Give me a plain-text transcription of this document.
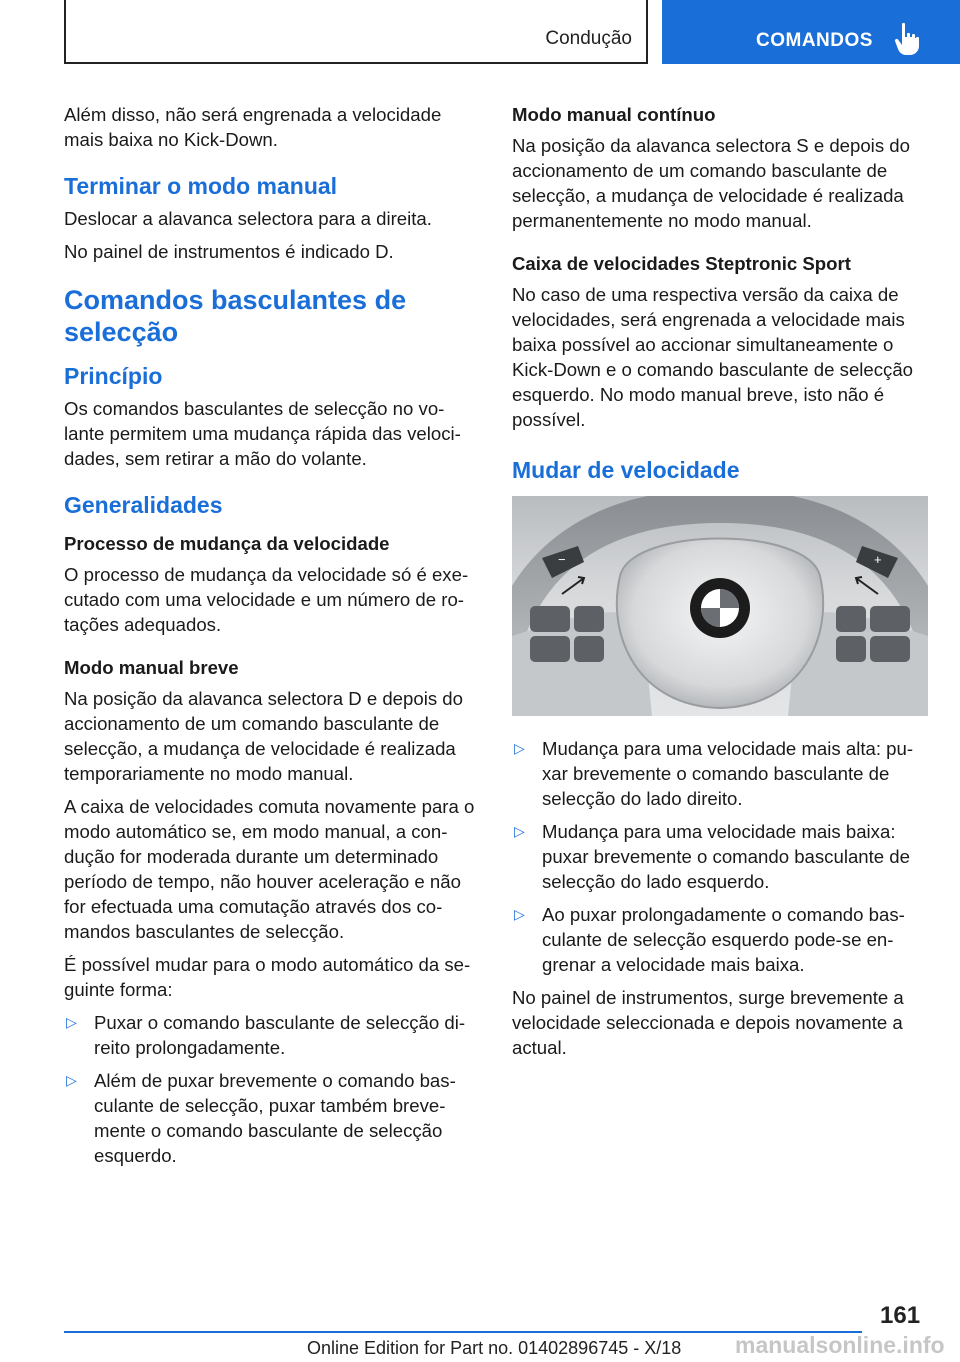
Condução	COMANDOS

Além disso, não será engrenada a velocidade mais baixa no Kick-Down.

Terminar o modo manual

Deslocar a alavanca selectora para a direita.

No painel de instrumentos é indicado D.

Comandos basculantes de selecção
Princípio

Os comandos basculantes de selecção no volante permitem uma mudança rápida das velocidades, sem retirar a mão do volante.

Generalidades
Processo de mudança da velocidade

O processo de mudança da velocidade só é executado com uma velocidade e um número de rotações adequados.

Modo manual breve

Na posição da alavanca selectora D e depois do accionamento de um comando basculante de selecção, a mudança de velocidade é realizada temporariamente no modo manual.

A caixa de velocidades comuta novamente para o modo automático se, em modo manual, a condução for moderada durante um determinado período de tempo, não houver aceleração e não for efectuada uma comutação através dos comandos basculantes de selecção.

É possível mudar para o modo automático da seguinte forma:

▷ Puxar o comando basculante de selecção direito prolongadamente.
▷ Além de puxar brevemente o comando basculante de selecção, puxar também brevemente o comando basculante de selecção esquerdo.
Modo manual contínuo

Na posição da alavanca selectora S e depois do accionamento de um comando basculante de selecção, a mudança de velocidade é realizada permanentemente no modo manual.

Caixa de velocidades Steptronic Sport

No caso de uma respectiva versão da caixa de velocidades, será engrenada a velocidade mais baixa possível ao accionar simultaneamente o Kick-Down e o comando basculante de selecção esquerdo. No modo manual breve, isto não é possível.

Mudar de velocidade
−	+
▷ Mudança para uma velocidade mais alta: puxar brevemente o comando basculante de selecção do lado direito.
▷ Mudança para uma velocidade mais baixa: puxar brevemente o comando basculante de selecção do lado esquerdo.
▷ Ao puxar prolongadamente o comando basculante de selecção esquerdo pode-se engrenar a velocidade mais baixa.

No painel de instrumentos, surge brevemente a velocidade seleccionada e depois novamente a actual.

161
Online Edition for Part no. 01402896745 - X/18 manualsonline.info
